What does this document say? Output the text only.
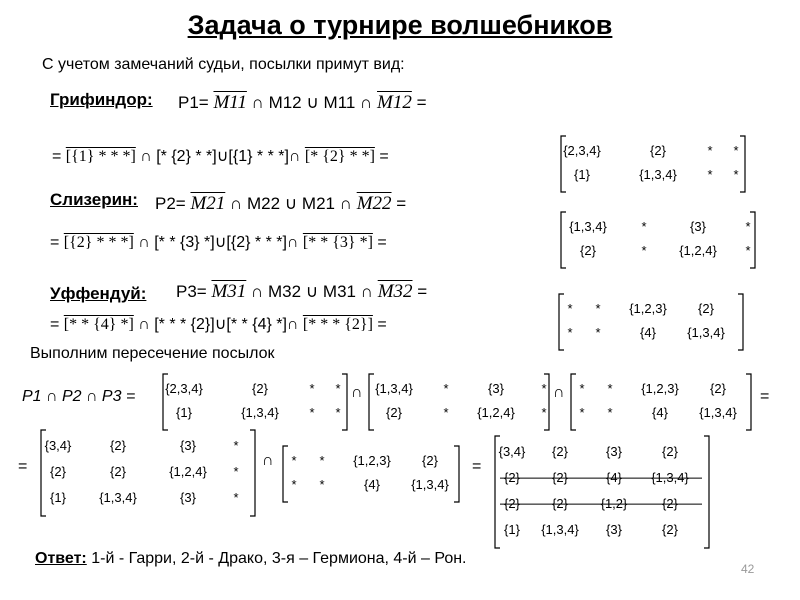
Задача о турнире волшебников
С учетом замечаний судьи, посылки примут вид:
Грифиндор: P1= M11 ∩ M12 ∪ M11 ∩ M12 =
= [{1} * * *] ∩ [* {2} * *]∪[{1} * * *]∩ [* {2} * *] =	{2,3,4}	{2}	* *
{1}	{1,3,4} * *
Слизерин: P2= M21 ∩ M22 ∪ M21 ∩ M22 =
= [{2} * * *] ∩ [* * {3} *]∪[{2} * * *]∩ [* * {3} *] =
{1,3,4}	*	{3}	*
{2}	*	{1,2,4} *
Уффендуй: P3= M31 ∩ M32 ∪ M31 ∩ M32 =
= [* * {4} *] ∩ [* * * {2}]∪[* * {4} *]∩ [* * * {2}] =
* * {1,2,3} {2}
* *	{4} {1,3,4}
Выполним пересечение посылок
P1 ∩ P2 ∩ P3 = {2,3,4}	{2}	* *
{1}	{1,3,4} * *
∩ {1,3,4} *	{3}	*
{2}	* {1,2,4} *
∩ * * {1,2,3} {2}
* *	{4} {1,3,4}
=
=
{3,4}	{2}	{3}	*
{2}	{2}	{1,2,4} *
{1}	{1,3,4}	{3}	*
∩ * * {1,2,3} {2}
* *	{4} {1,3,4}
=
{3,4} {2}	{3}	{2}
{2} {2}	{4} {1,3,4}
{2} {2}	{1,2}	{2}
{1} {1,3,4} {3}	{2}
Ответ: 1-й - Гарри, 2-й - Драко, 3-я – Гермиона, 4-й – Рон.
42
